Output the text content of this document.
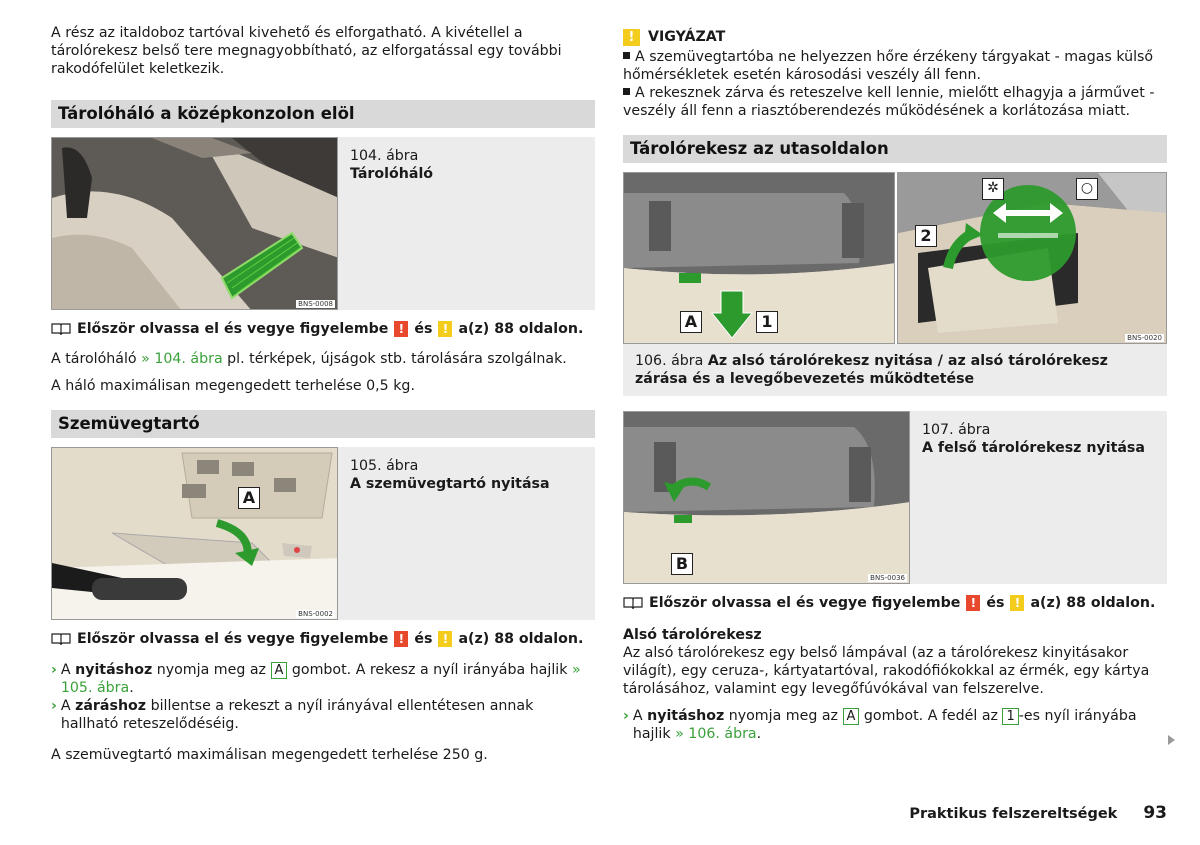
A rész az italdoboz tartóval kivehető és elforgatható. A kivétellel a tárolórekesz belső tere megnagyobbítható, az elforgatással egy további rakodófelület keletkezik.

Tárolóháló a középkonzolon elöl
BNS-0008
104. ábra
Tárolóháló
Először olvassa el és vegye figyelembe ! és ! a(z) 88 oldalon.

A tárolóháló » 104. ábra pl. térképek, újságok stb. tárolására szolgálnak.

A háló maximálisan megengedett terhelése 0,5 kg.

Szemüvegtartó
A
BNS-0002
105. ábra
A szemüvegtartó nyitása
Először olvassa el és vegye figyelembe ! és ! a(z) 88 oldalon.
› A nyitáshoz nyomja meg az A gombot. A rekesz a nyíl irányába hajlik » 105. ábra.
› A záráshoz billentse a rekeszt a nyíl irányával ellentétesen annak hallható reteszelődéséig.

A szemüvegtartó maximálisan megengedett terhelése 250 g.

! VIGYÁZAT

A szemüvegtartóba ne helyezzen hőre érzékeny tárgyakat - magas külső hőmérsékletek esetén károsodási veszély áll fenn.

A rekesznek zárva és reteszelve kell lennie, mielőtt elhagyja a járművet - veszély áll fenn a riasztóberendezés működésének a korlátozása miatt.

Tárolórekesz az utasoldalon
A	1
✲	○
2
BNS-0020
106. ábra Az alsó tárolórekesz nyitása / az alsó tárolórekesz zárása és a levegőbevezetés működtetése
B
BNS-0036
107. ábra
A felső tárolórekesz nyitása
Először olvassa el és vegye figyelembe ! és ! a(z) 88 oldalon.

Alsó tárolórekesz

Az alsó tárolórekesz egy belső lámpával (az a tárolórekesz kinyitásakor világít), egy ceruza-, kártyatartóval, rakodófiókokkal az érmék, egy kártya tárolásához, valamint egy levegőfúvókával van felszerelve.

› A nyitáshoz nyomja meg az A gombot. A fedél az 1 -es nyíl irányába hajlik » 106. ábra.
Praktikus felszereltségek 93
